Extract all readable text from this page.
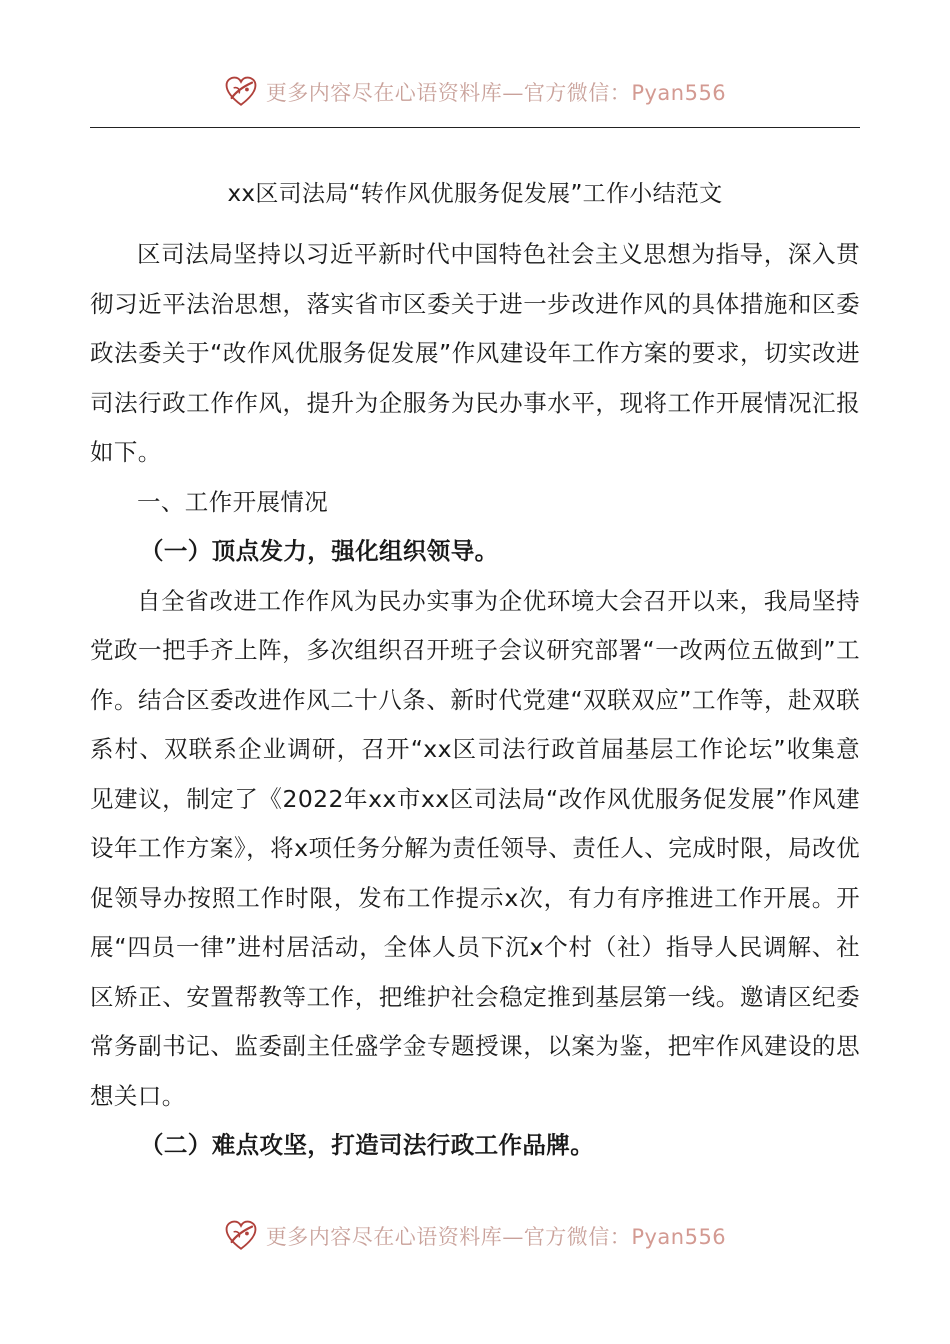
更多内容尽在心语资料库—官方微信：Pyan556
xx区司法局“转作风优服务促发展”工作小结范文

区司法局坚持以习近平新时代中国特色社会主义思想为指导，深入贯彻习近平法治思想，落实省市区委关于进一步改进作风的具体措施和区委政法委关于“改作风优服务促发展”作风建设年工作方案的要求，切实改进司法行政工作作风，提升为企服务为民办事水平，现将工作开展情况汇报如下。

一、工作开展情况

（一）顶点发力，强化组织领导。

自全省改进工作作风为民办实事为企优环境大会召开以来，我局坚持党政一把手齐上阵，多次组织召开班子会议研究部署“一改两位五做到”工作。结合区委改进作风二十八条、新时代党建“双联双应”工作等，赴双联系村、双联系企业调研，召开“xx区司法行政首届基层工作论坛”收集意见建议，制定了《2022年xx市xx区司法局“改作风优服务促发展”作风建设年工作方案》，将x项任务分解为责任领导、责任人、完成时限，局改优促领导办按照工作时限，发布工作提示x次，有力有序推进工作开展。开展“四员一律”进村居活动，全体人员下沉x个村（社）指导人民调解、社区矫正、安置帮教等工作，把维护社会稳定推到基层第一线。邀请区纪委常务副书记、监委副主任盛学金专题授课，以案为鉴，把牢作风建设的思想关口。

（二）难点攻坚，打造司法行政工作品牌。

更多内容尽在心语资料库—官方微信：Pyan556
